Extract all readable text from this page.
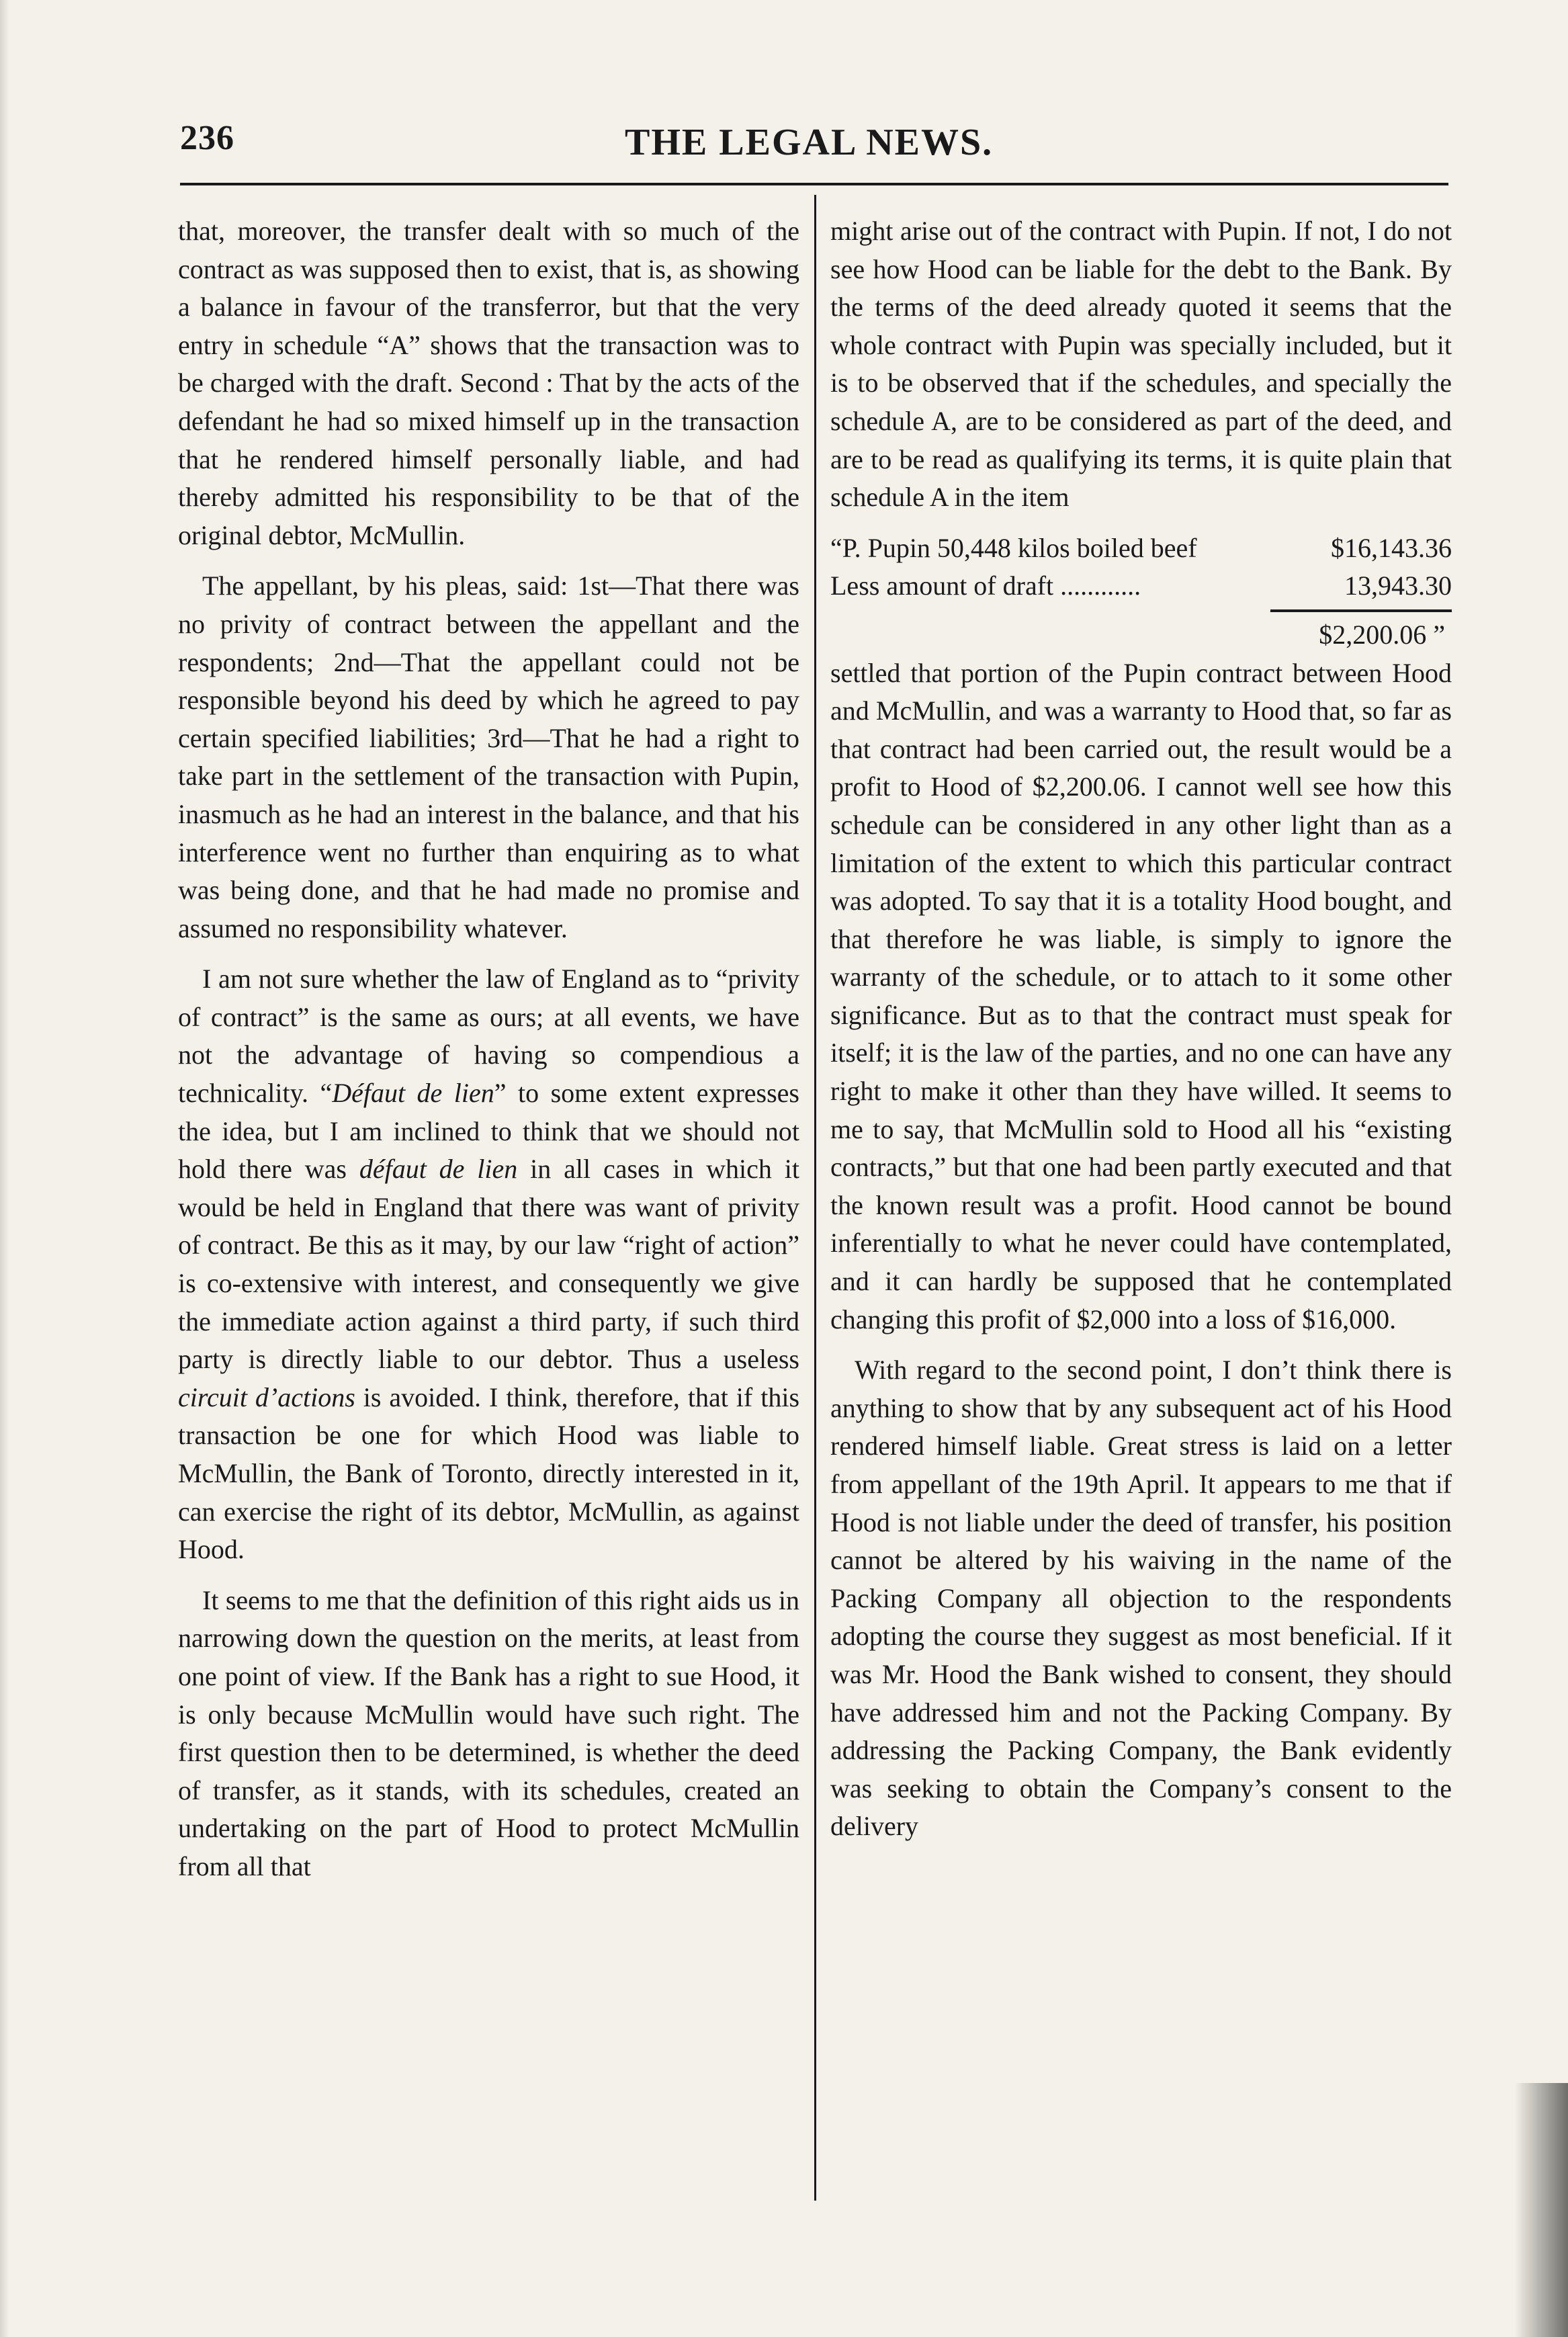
236	THE LEGAL NEWS.

that, moreover, the transfer dealt with so much of the contract as was supposed then to exist, that is, as showing a balance in favour of the transferror, but that the very entry in schedule “A” shows that the transaction was to be charged with the draft. Second : That by the acts of the defendant he had so mixed himself up in the transaction that he rendered himself personally liable, and had thereby admitted his responsibility to be that of the original debtor, McMullin.

The appellant, by his pleas, said: 1st—That there was no privity of contract between the appellant and the respondents; 2nd—That the appellant could not be responsible beyond his deed by which he agreed to pay certain specified liabilities; 3rd—That he had a right to take part in the settlement of the transaction with Pupin, inasmuch as he had an interest in the balance, and that his interference went no further than enquiring as to what was being done, and that he had made no promise and assumed no responsibility whatever.

I am not sure whether the law of England as to “privity of contract” is the same as ours; at all events, we have not the advantage of having so compendious a technicality. “Défaut de lien” to some extent expresses the idea, but I am inclined to think that we should not hold there was défaut de lien in all cases in which it would be held in England that there was want of privity of contract. Be this as it may, by our law “right of action” is co-extensive with interest, and consequently we give the immediate action against a third party, if such third party is directly liable to our debtor. Thus a useless circuit d’actions is avoided. I think, therefore, that if this transaction be one for which Hood was liable to McMullin, the Bank of Toronto, directly interested in it, can exercise the right of its debtor, McMullin, as against Hood.

It seems to me that the definition of this right aids us in narrowing down the question on the merits, at least from one point of view. If the Bank has a right to sue Hood, it is only because McMullin would have such right. The first question then to be determined, is whether the deed of transfer, as it stands, with its schedules, created an undertaking on the part of Hood to protect McMullin from all that

might arise out of the contract with Pupin. If not, I do not see how Hood can be liable for the debt to the Bank. By the terms of the deed already quoted it seems that the whole contract with Pupin was specially included, but it is to be observed that if the schedules, and specially the schedule A, are to be considered as part of the deed, and are to be read as qualifying its terms, it is quite plain that schedule A in the item

“P. Pupin 50,448 kilos boiled beef	$16,143.36
Less amount of draft ............	13,943.30
$2,200.06 ”

settled that portion of the Pupin contract between Hood and McMullin, and was a warranty to Hood that, so far as that contract had been carried out, the result would be a profit to Hood of $2,200.06. I cannot well see how this schedule can be considered in any other light than as a limitation of the extent to which this particular contract was adopted. To say that it is a totality Hood bought, and that therefore he was liable, is simply to ignore the warranty of the schedule, or to attach to it some other significance. But as to that the contract must speak for itself; it is the law of the parties, and no one can have any right to make it other than they have willed. It seems to me to say, that McMullin sold to Hood all his “existing contracts,” but that one had been partly executed and that the known result was a profit. Hood cannot be bound inferentially to what he never could have contemplated, and it can hardly be supposed that he contemplated changing this profit of $2,000 into a loss of $16,000.

With regard to the second point, I don’t think there is anything to show that by any subsequent act of his Hood rendered himself liable. Great stress is laid on a letter from appellant of the 19th April. It appears to me that if Hood is not liable under the deed of transfer, his position cannot be altered by his waiving in the name of the Packing Company all objection to the respondents adopting the course they suggest as most beneficial. If it was Mr. Hood the Bank wished to consent, they should have addressed him and not the Packing Company. By addressing the Packing Company, the Bank evidently was seeking to obtain the Company’s consent to the delivery
